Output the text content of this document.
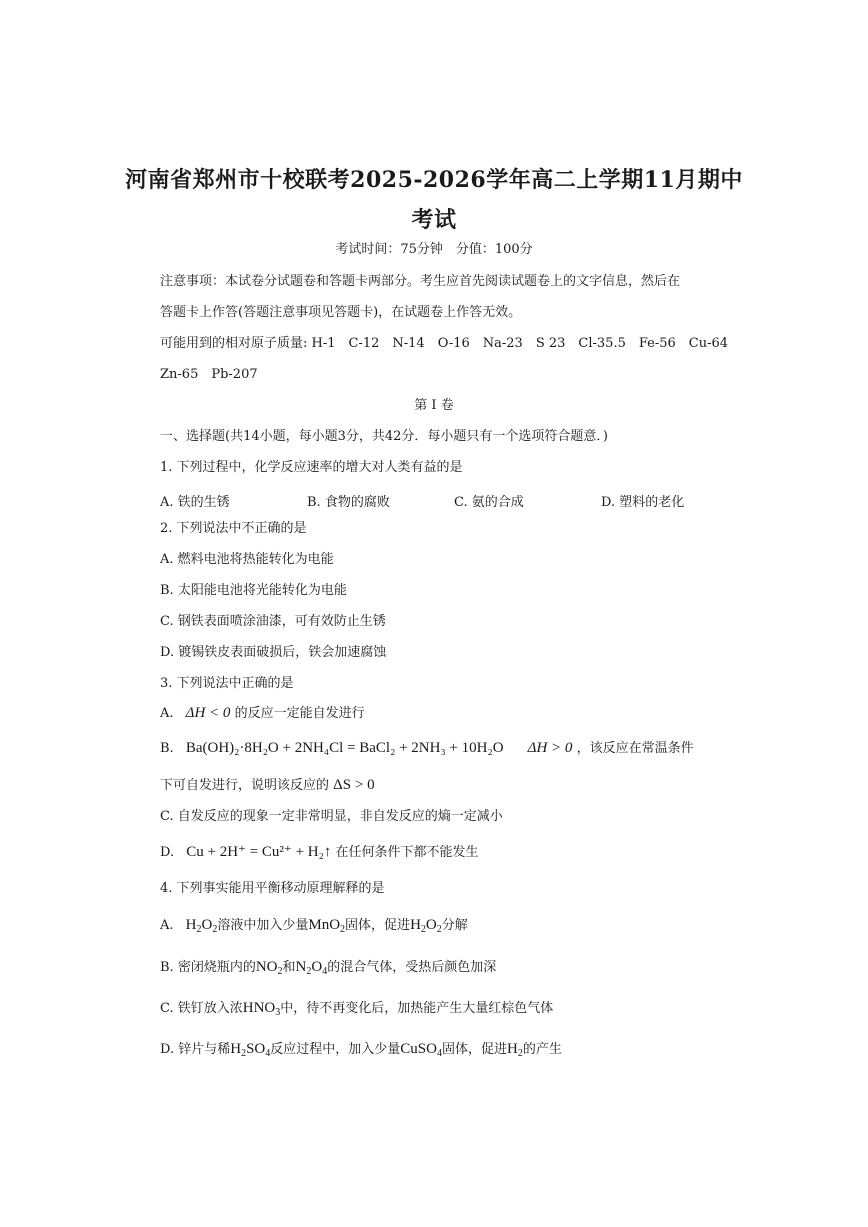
河南省郑州市十校联考2025-2026学年高二上学期11月期中
考试
考试时间：75分钟　分值：100分
注意事项：本试卷分试题卷和答题卡两部分。考生应首先阅读试题卷上的文字信息，然后在
答题卡上作答(答题注意事项见答题卡)，在试题卷上作答无效。
可能用到的相对原子质量: H-1　C-12　N-14　O-16　Na-23　S 23　Cl-35.5　Fe-56　Cu-64
Zn-65　Pb-207
第 I 卷
一、选择题(共14小题，每小题3分，共42分．每小题只有一个选项符合题意．)
1. 下列过程中，化学反应速率的增大对人类有益的是
A. 铁的生锈	B. 食物的腐败	C. 氨的合成	D. 塑料的老化
2. 下列说法中不正确的是
A. 燃料电池将热能转化为电能
B. 太阳能电池将光能转化为电能
C. 钢铁表面喷涂油漆，可有效防止生锈
D. 镀锡铁皮表面破损后，铁会加速腐蚀
3. 下列说法中正确的是
A. ΔH < 0 的反应一定能自发进行
B. Ba(OH)₂·8H₂O + 2NH₄Cl = BaCl₂ + 2NH₃ + 10H₂O ΔH > 0 ，该反应在常温条件
下可自发进行，说明该反应的 ΔS > 0
C. 自发反应的现象一定非常明显，非自发反应的熵一定减小
D. Cu + 2H⁺ = Cu²⁺ + H₂↑ 在任何条件下都不能发生
4. 下列事实能用平衡移动原理解释的是
A. $H_2O_2$溶液中加入少量MnO$_2$固体，促进$H_2O_2$分解
B. 密闭烧瓶内的$NO_2$和$N_2O_4$的混合气体，受热后颜色加深
C. 铁钉放入浓$HNO_3$中，待不再变化后，加热能产生大量红棕色气体
D. 锌片与稀$H_2SO_4$反应过程中，加入少量CuSO$_4$固体，促进$H_2$的产生
